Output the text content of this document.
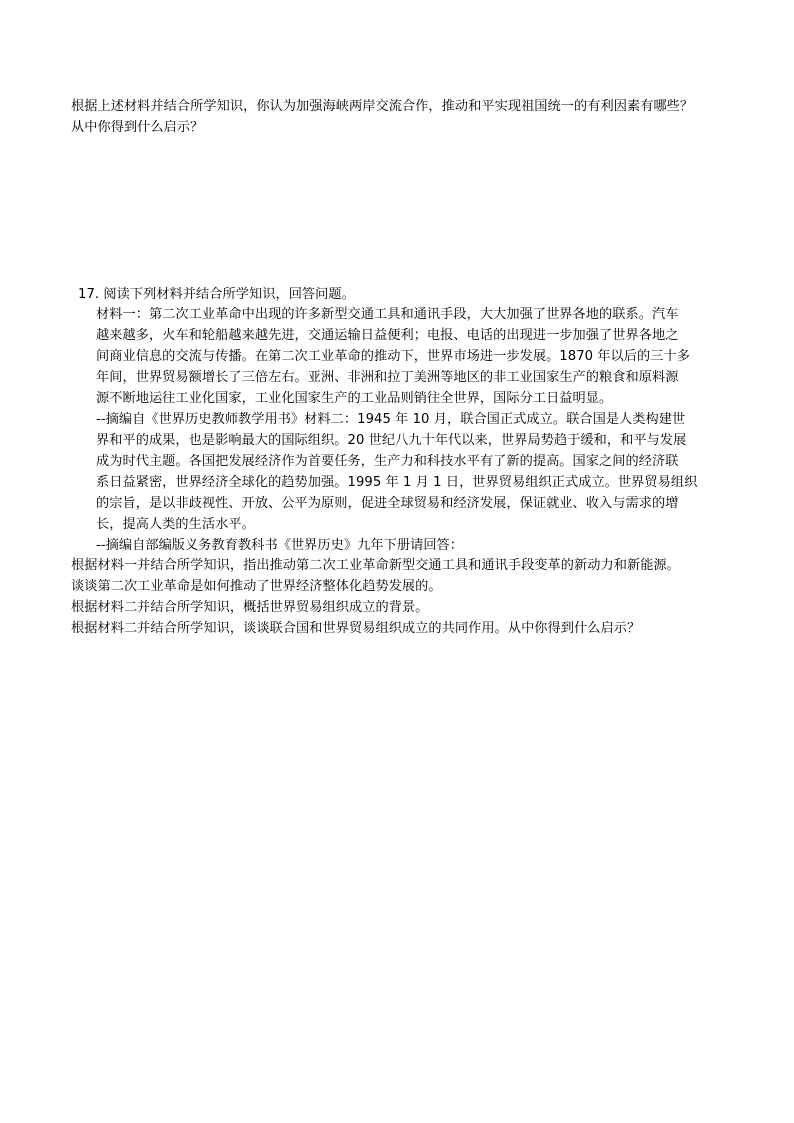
根据上述材料并结合所学知识，你认为加强海峡两岸交流合作，推动和平实现祖国统一的有利因素有哪些？
从中你得到什么启示？
17. 阅读下列材料并结合所学知识，回答问题。
材料一：第二次工业革命中出现的许多新型交通工具和通讯手段，大大加强了世界各地的联系。汽车
越来越多，火车和轮船越来越先进，交通运输日益便利；电报、电话的出现进一步加强了世界各地之
间商业信息的交流与传播。在第二次工业革命的推动下，世界市场进一步发展。1870 年以后的三十多
年间，世界贸易额增长了三倍左右。亚洲、非洲和拉丁美洲等地区的非工业国家生产的粮食和原料源
源不断地运往工业化国家，工业化国家生产的工业品则销往全世界，国际分工日益明显。
--摘编自《世界历史教师教学用书》材料二：1945 年 10 月，联合国正式成立。联合国是人类构建世
界和平的成果，也是影响最大的国际组织。20 世纪八九十年代以来，世界局势趋于缓和，和平与发展
成为时代主题。各国把发展经济作为首要任务，生产力和科技水平有了新的提高。国家之间的经济联
系日益紧密，世界经济全球化的趋势加强。1995 年 1 月 1 日，世界贸易组织正式成立。世界贸易组织
的宗旨，是以非歧视性、开放、公平为原则，促进全球贸易和经济发展，保证就业、收入与需求的增
长，提高人类的生活水平。
--摘编自部编版义务教育教科书《世界历史》九年下册请回答：
根据材料一并结合所学知识，指出推动第二次工业革命新型交通工具和通讯手段变革的新动力和新能源。
谈谈第二次工业革命是如何推动了世界经济整体化趋势发展的。
根据材料二并结合所学知识，概括世界贸易组织成立的背景。
根据材料二并结合所学知识，谈谈联合国和世界贸易组织成立的共同作用。从中你得到什么启示？
